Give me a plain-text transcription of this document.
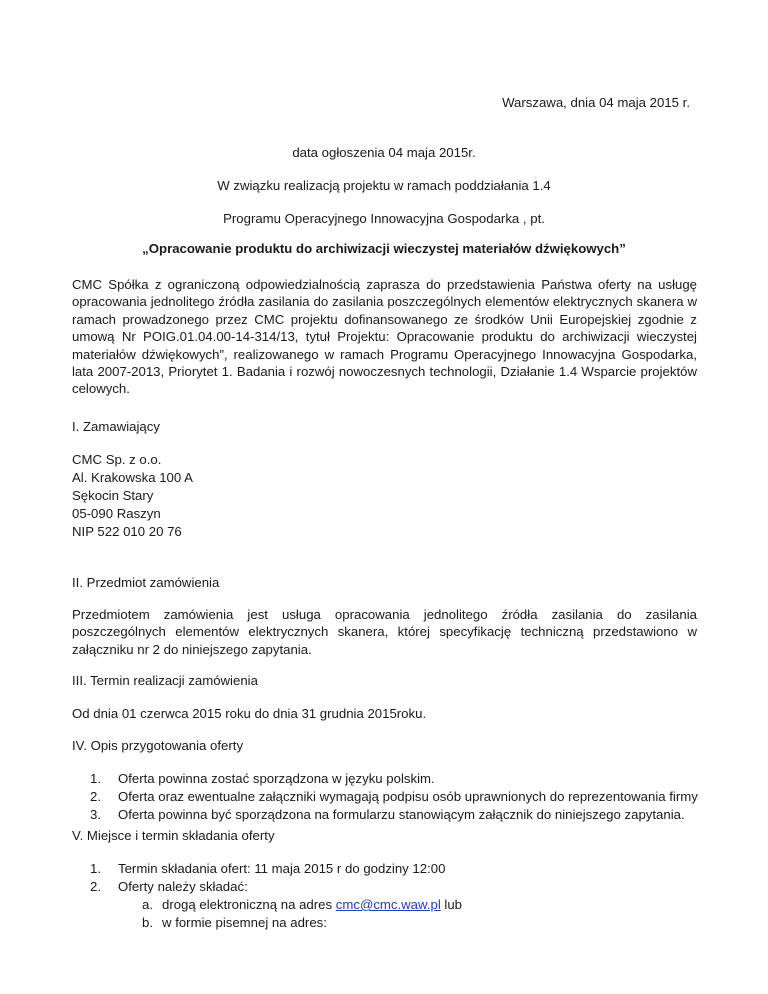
Warszawa, dnia 04 maja 2015 r.

data ogłoszenia 04 maja 2015r.

W związku realizacją projektu w ramach poddziałania 1.4

Programu Operacyjnego Innowacyjna Gospodarka , pt.

„Opracowanie produktu do archiwizacji wieczystej materiałów dźwiękowych”

CMC Spółka z ograniczoną odpowiedzialnością zaprasza do przedstawienia Państwa oferty na usługę opracowania jednolitego źródła zasilania do zasilania poszczególnych elementów elektrycznych skanera w ramach prowadzonego przez CMC projektu dofinansowanego ze środków Unii Europejskiej zgodnie z umową Nr POIG.01.04.00-14-314/13, tytuł Projektu: Opracowanie produktu do archiwizacji wieczystej materiałów dźwiękowych”, realizowanego w ramach Programu Operacyjnego Innowacyjna Gospodarka, lata 2007-2013, Priorytet 1. Badania i rozwój nowoczesnych technologii, Działanie 1.4 Wsparcie projektów celowych.

I. Zamawiający

CMC Sp. z o.o.
Al. Krakowska 100 A
Sękocin Stary
05-090 Raszyn
NIP 522 010 20 76

II. Przedmiot zamówienia

Przedmiotem zamówienia jest usługa opracowania jednolitego źródła zasilania do zasilania poszczególnych elementów elektrycznych skanera, której specyfikację techniczną przedstawiono w załączniku nr 2 do niniejszego zapytania.

III. Termin realizacji zamówienia

Od dnia 01 czerwca 2015 roku do dnia 31 grudnia 2015roku.

IV. Opis przygotowania oferty

1. Oferta powinna zostać sporządzona w języku polskim.
2. Oferta oraz ewentualne załączniki wymagają podpisu osób uprawnionych do reprezentowania firmy
3. Oferta powinna być sporządzona na formularzu stanowiącym załącznik do niniejszego zapytania.

V. Miejsce i termin składania oferty

1. Termin składania ofert: 11 maja 2015 r do godziny 12:00
2. Oferty należy składać:
a. drogą elektroniczną na adres cmc@cmc.waw.pl lub
b. w formie pisemnej na adres:
